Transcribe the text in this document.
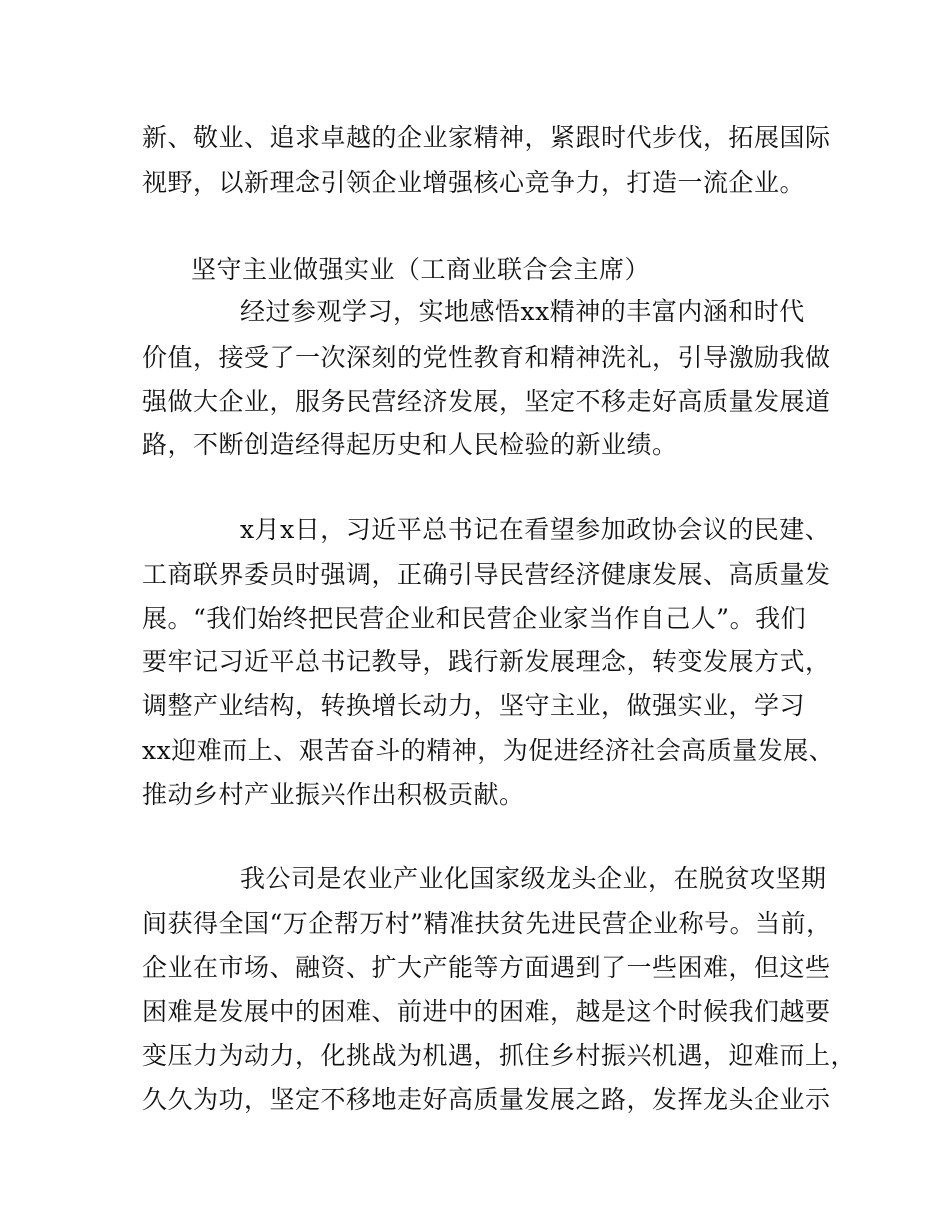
新、敬业、追求卓越的企业家精神，紧跟时代步伐，拓展国际
视野，以新理念引领企业增强核心竞争力，打造一流企业。
坚守主业做强实业（工商业联合会主席）
经过参观学习，实地感悟xx精神的丰富内涵和时代
价值，接受了一次深刻的党性教育和精神洗礼，引导激励我做
强做大企业，服务民营经济发展，坚定不移走好高质量发展道
路，不断创造经得起历史和人民检验的新业绩。
x月x日，习近平总书记在看望参加政协会议的民建、
工商联界委员时强调，正确引导民营经济健康发展、高质量发
展。“我们始终把民营企业和民营企业家当作自己人”。我们
要牢记习近平总书记教导，践行新发展理念，转变发展方式，
调整产业结构，转换增长动力，坚守主业，做强实业，学习
xx迎难而上、艰苦奋斗的精神，为促进经济社会高质量发展、
推动乡村产业振兴作出积极贡献。
我公司是农业产业化国家级龙头企业，在脱贫攻坚期
间获得全国“万企帮万村”精准扶贫先进民营企业称号。当前，
企业在市场、融资、扩大产能等方面遇到了一些困难，但这些
困难是发展中的困难、前进中的困难，越是这个时候我们越要
变压力为动力，化挑战为机遇，抓住乡村振兴机遇，迎难而上，
久久为功，坚定不移地走好高质量发展之路，发挥龙头企业示
